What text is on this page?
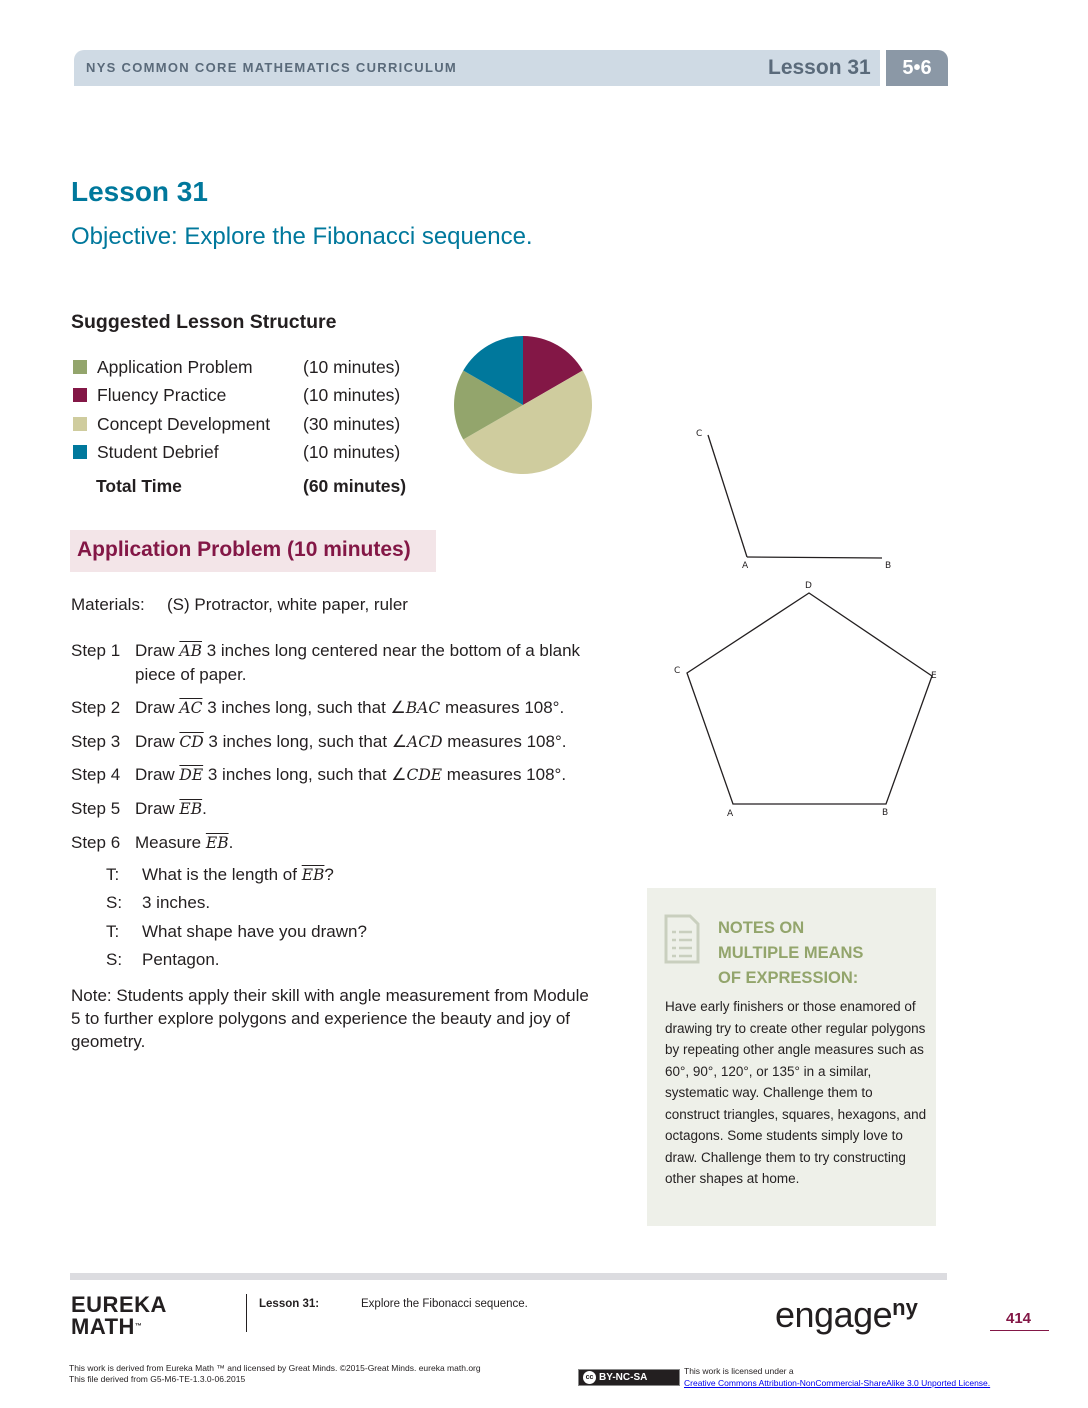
NYS COMMON CORE MATHEMATICS CURRICULUM	Lesson 31	5•6
Lesson 31
Objective: Explore the Fibonacci sequence.
Suggested Lesson Structure
Application Problem	(10 minutes)
Fluency Practice	(10 minutes)
Concept Development (30 minutes)
Student Debrief	(10 minutes)
Total Time	(60 minutes)
Application Problem (10 minutes)
Materials: (S) Protractor, white paper, ruler
Step 1 Draw $\overline{AB}$ 3 inches long centered near the bottom of a blank piece of paper.
Step 2 Draw $\overline{AC}$ 3 inches long, such that ∠BAC measures 108°.
Step 3 Draw $\overline{CD}$ 3 inches long, such that ∠ACD measures 108°.
Step 4 Draw $\overline{DE}$ 3 inches long, such that ∠CDE measures 108°.
Step 5 Draw $\overline{EB}$.
Step 6 Measure $\overline{EB}$.
T: What is the length of $\overline{EB}$?
S: 3 inches.
T: What shape have you drawn?
S: Pentagon.
Note: Students apply their skill with angle measurement from Module 5 to further explore polygons and experience the beauty and joy of geometry.
C
A	B
D
C	E
A	B
NOTES ON
MULTIPLE MEANS
OF EXPRESSION:
Have early finishers or those enamored of drawing try to create other regular polygons by repeating other angle measures such as 60°, 90°, 120°, or 135° in a similar, systematic way. Challenge them to construct triangles, squares, hexagons, and octagons. Some students simply love to draw. Challenge them to try constructing other shapes at home.
EUREKA
MATH™
Lesson 31:	Explore the Fibonacci sequence.	engage$^{ny}$	414
This work is derived from Eureka Math ™ and licensed by Great Minds. ©2015-Great Minds. eureka math.org
This file derived from G5-M6-TE-1.3.0-06.2015	cc BY-NC-SA
This work is licensed under a
Creative Commons Attribution-NonCommercial-ShareAlike 3.0 Unported License.
